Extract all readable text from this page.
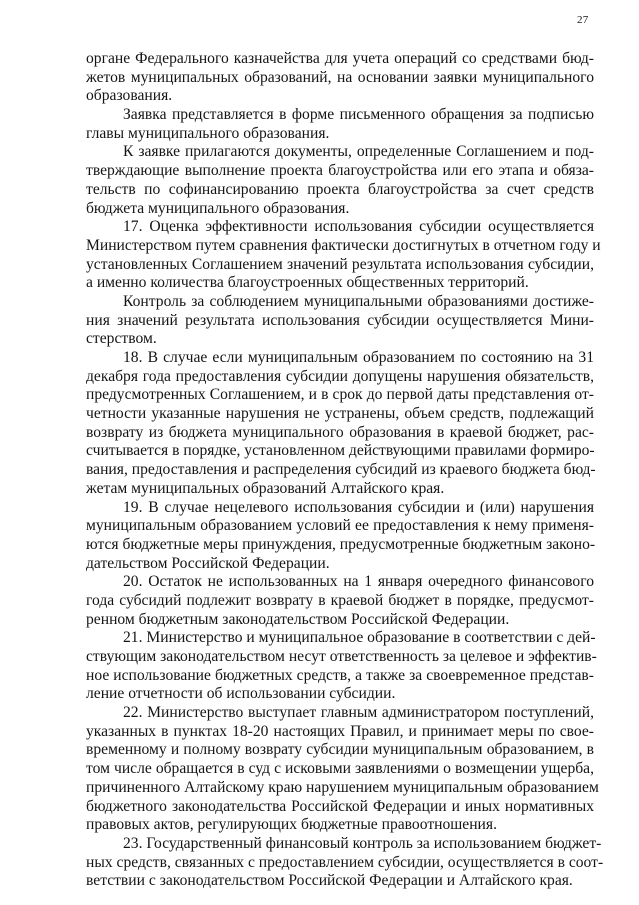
27
органе Федерального казначейства для учета операций со средствами бюд-
жетов муниципальных образований, на основании заявки муниципального
образования.
Заявка представляется в форме письменного обращения за подписью
главы муниципального образования.
К заявке прилагаются документы, определенные Соглашением и под-
тверждающие выполнение проекта благоустройства или его этапа и обяза-
тельств по софинансированию проекта благоустройства за счет средств
бюджета муниципального образования.
17. Оценка эффективности использования субсидии осуществляется
Министерством путем сравнения фактически достигнутых в отчетном году и
установленных Соглашением значений результата использования субсидии,
а именно количества благоустроенных общественных территорий.
Контроль за соблюдением муниципальными образованиями достиже-
ния значений результата использования субсидии осуществляется Мини-
стерством.
18. В случае если муниципальным образованием по состоянию на 31
декабря года предоставления субсидии допущены нарушения обязательств,
предусмотренных Соглашением, и в срок до первой даты представления от-
четности указанные нарушения не устранены, объем средств, подлежащий
возврату из бюджета муниципального образования в краевой бюджет, рас-
считывается в порядке, установленном действующими правилами формиро-
вания, предоставления и распределения субсидий из краевого бюджета бюд-
жетам муниципальных образований Алтайского края.
19. В случае нецелевого использования субсидии и (или) нарушения
муниципальным образованием условий ее предоставления к нему применя-
ются бюджетные меры принуждения, предусмотренные бюджетным законо-
дательством Российской Федерации.
20. Остаток не использованных на 1 января очередного финансового
года субсидий подлежит возврату в краевой бюджет в порядке, предусмот-
ренном бюджетным законодательством Российской Федерации.
21. Министерство и муниципальное образование в соответствии с дей-
ствующим законодательством несут ответственность за целевое и эффектив-
ное использование бюджетных средств, а также за своевременное представ-
ление отчетности об использовании субсидии.
22. Министерство выступает главным администратором поступлений,
указанных в пунктах 18-20 настоящих Правил, и принимает меры по свое-
временному и полному возврату субсидии муниципальным образованием, в
том числе обращается в суд с исковыми заявлениями о возмещении ущерба,
причиненного Алтайскому краю нарушением муниципальным образованием
бюджетного законодательства Российской Федерации и иных нормативных
правовых актов, регулирующих бюджетные правоотношения.
23. Государственный финансовый контроль за использованием бюджет-
ных средств, связанных с предоставлением субсидии, осуществляется в соот-
ветствии с законодательством Российской Федерации и Алтайского края.
